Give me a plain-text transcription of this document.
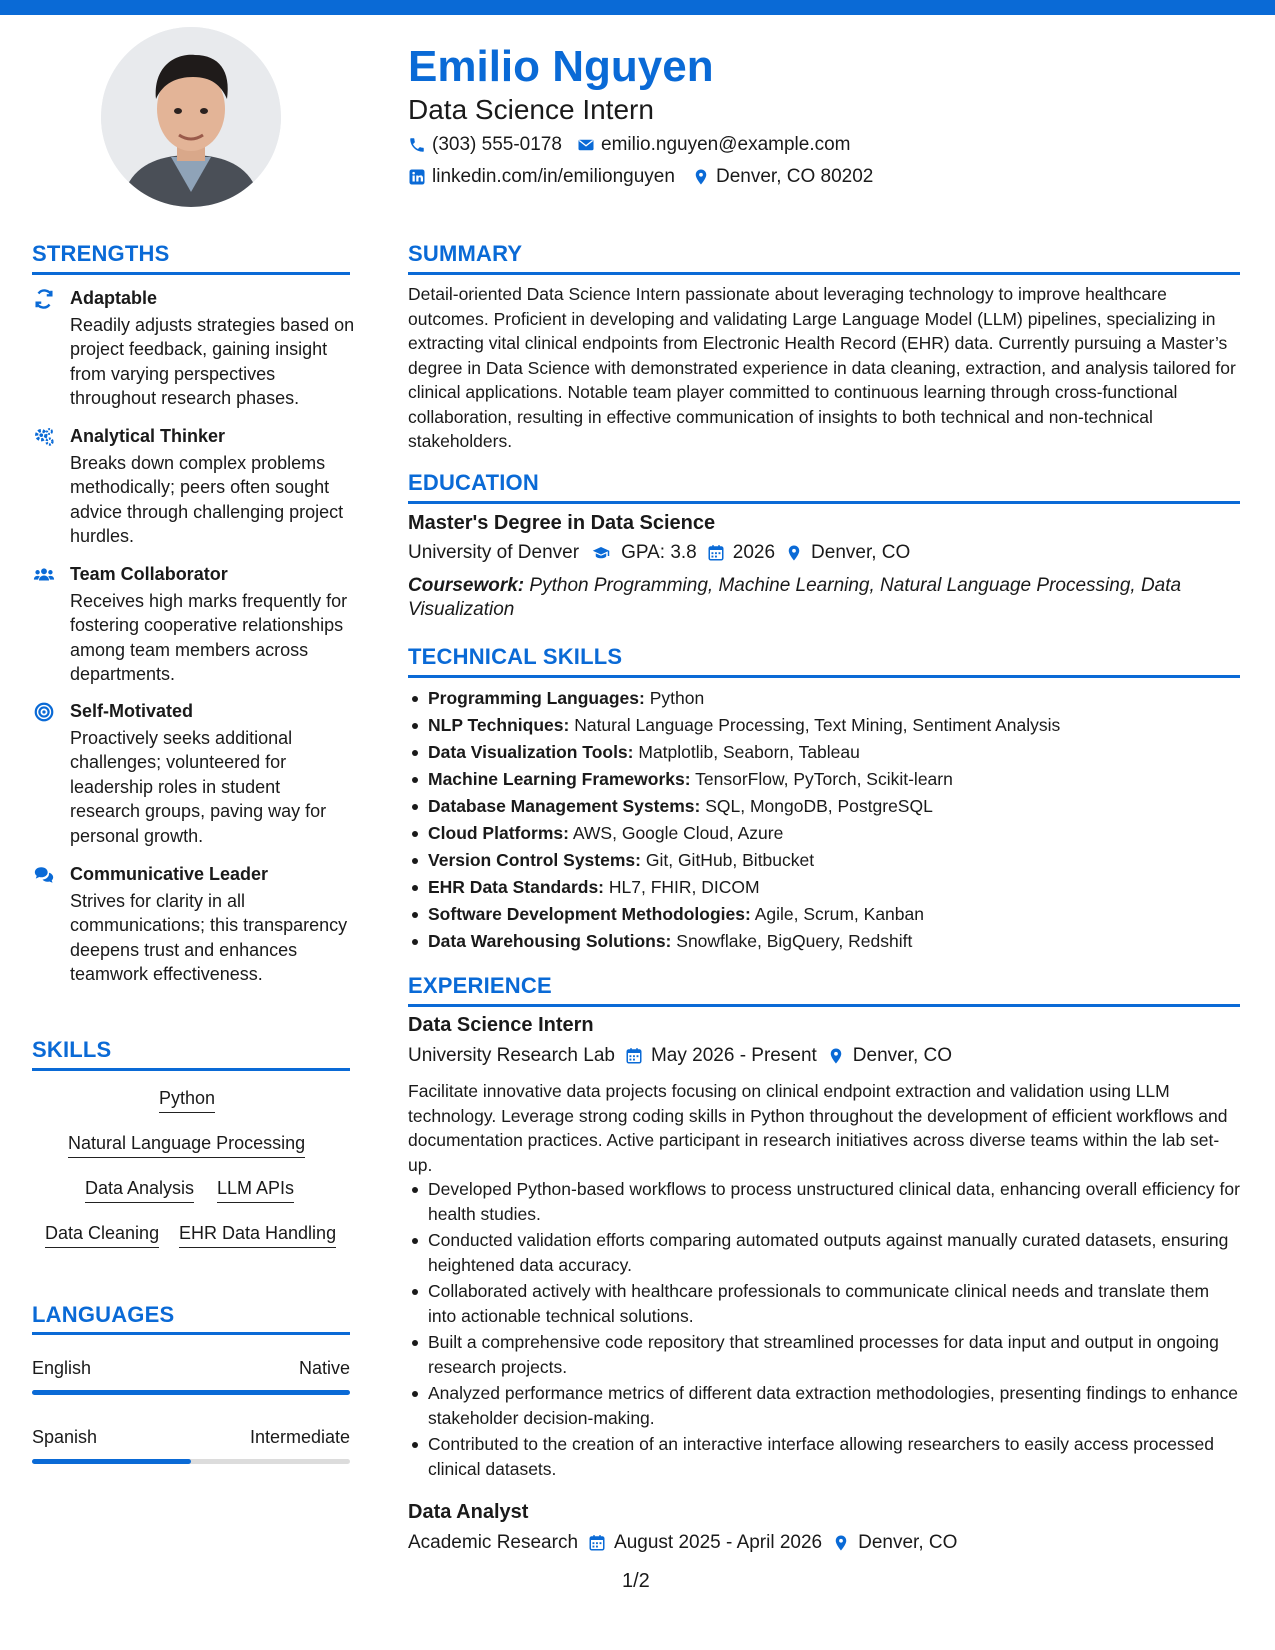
Emilio Nguyen
Data Science Intern
(303) 555-0178 emilio.nguyen@example.com
linkedin.com/in/emilionguyen Denver, CO 80202
STRENGTHS
Adaptable
Readily adjusts strategies based on project feedback, gaining insight from varying perspectives throughout research phases.
Analytical Thinker
Breaks down complex problems methodically; peers often sought advice through challenging project hurdles.
Team Collaborator
Receives high marks frequently for fostering cooperative relationships among team members across departments.
Self-Motivated
Proactively seeks additional challenges; volunteered for leadership roles in student research groups, paving way for personal growth.
Communicative Leader
Strives for clarity in all communications; this transparency deepens trust and enhances teamwork effectiveness.
SKILLS
Python
Natural Language Processing
Data Analysis LLM APIs
Data Cleaning EHR Data Handling
LANGUAGES
English	Native
Spanish	Intermediate
SUMMARY
Detail-oriented Data Science Intern passionate about leveraging technology to improve healthcare outcomes. Proficient in developing and validating Large Language Model (LLM) pipelines, specializing in extracting vital clinical endpoints from Electronic Health Record (EHR) data. Currently pursuing a Master’s degree in Data Science with demonstrated experience in data cleaning, extraction, and analysis tailored for clinical applications. Notable team player committed to continuous learning through cross-functional collaboration, resulting in effective communication of insights to both technical and non-technical stakeholders.
EDUCATION
Master's Degree in Data Science
University of Denver GPA: 3.8 2026 Denver, CO
Coursework: Python Programming, Machine Learning, Natural Language Processing, Data Visualization
TECHNICAL SKILLS
Programming Languages: Python
NLP Techniques: Natural Language Processing, Text Mining, Sentiment Analysis
Data Visualization Tools: Matplotlib, Seaborn, Tableau
Machine Learning Frameworks: TensorFlow, PyTorch, Scikit-learn
Database Management Systems: SQL, MongoDB, PostgreSQL
Cloud Platforms: AWS, Google Cloud, Azure
Version Control Systems: Git, GitHub, Bitbucket
EHR Data Standards: HL7, FHIR, DICOM
Software Development Methodologies: Agile, Scrum, Kanban
Data Warehousing Solutions: Snowflake, BigQuery, Redshift
EXPERIENCE
Data Science Intern
University Research Lab May 2026 - Present Denver, CO
Facilitate innovative data projects focusing on clinical endpoint extraction and validation using LLM technology. Leverage strong coding skills in Python throughout the development of efficient workflows and documentation practices. Active participant in research initiatives across diverse teams within the lab set-up.
Developed Python-based workflows to process unstructured clinical data, enhancing overall efficiency for health studies.
Conducted validation efforts comparing automated outputs against manually curated datasets, ensuring heightened data accuracy.
Collaborated actively with healthcare professionals to communicate clinical needs and translate them into actionable technical solutions.
Built a comprehensive code repository that streamlined processes for data input and output in ongoing research projects.
Analyzed performance metrics of different data extraction methodologies, presenting findings to enhance stakeholder decision-making.
Contributed to the creation of an interactive interface allowing researchers to easily access processed clinical datasets.
Data Analyst
Academic Research August 2025 - April 2026 Denver, CO
1/2
